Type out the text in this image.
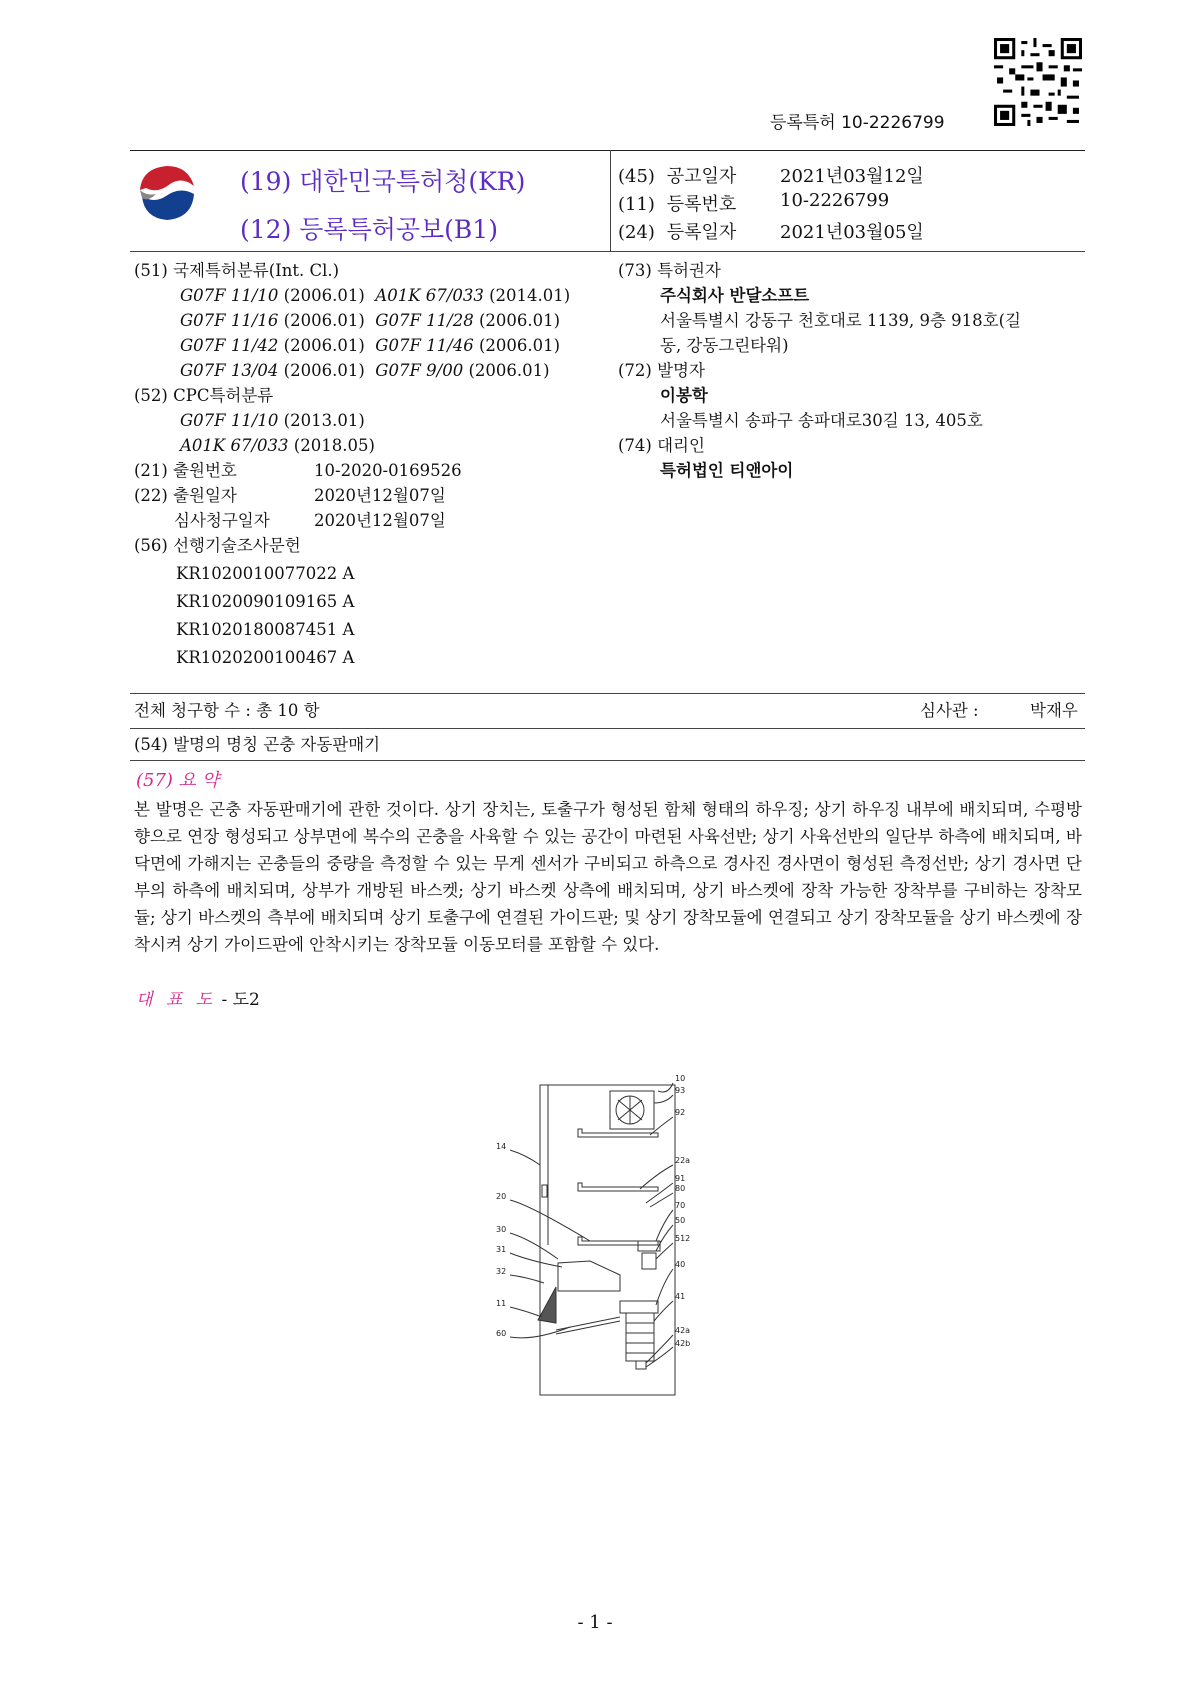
등록특허 10-2226799
(19) 대한민국특허청(KR)
(12) 등록특허공보(B1)
(45) 공고일자 2021년03월12일
(11) 등록번호 10-2226799
(24) 등록일자 2021년03월05일
(51) 국제특허분류(Int. Cl.)
G07F 11/10 (2006.01) A01K 67/033 (2014.01)
G07F 11/16 (2006.01) G07F 11/28 (2006.01)
G07F 11/42 (2006.01) G07F 11/46 (2006.01)
G07F 13/04 (2006.01) G07F 9/00 (2006.01)
(52) CPC특허분류
G07F 11/10 (2013.01)
A01K 67/033 (2018.05)
(21) 출원번호	10-2020-0169526
(22) 출원일자	2020년12월07일
심사청구일자	2020년12월07일
(56) 선행기술조사문헌
KR1020010077022 A
KR1020090109165 A
KR1020180087451 A
KR1020200100467 A
(73) 특허권자
주식회사 반달소프트
서울특별시 강동구 천호대로 1139, 9층 918호(길
동, 강동그린타워)
(72) 발명자
이봉학
서울특별시 송파구 송파대로30길 13, 405호
(74) 대리인
특허법인 티앤아이
전체 청구항 수 : 총 10 항	심사관 :	박재우
(54) 발명의 명칭 곤충 자동판매기
(57) 요 약
본 발명은 곤충 자동판매기에 관한 것이다. 상기 장치는, 토출구가 형성된 함체 형태의 하우징; 상기 하우징 내부에 배치되며, 수평방향으로 연장 형성되고 상부면에 복수의 곤충을 사육할 수 있는 공간이 마련된 사육선반; 상기 사육선반의 일단부 하측에 배치되며, 바닥면에 가해지는 곤충들의 중량을 측정할 수 있는 무게 센서가 구비되고 하측으로 경사진 경사면이 형성된 측정선반; 상기 경사면 단부의 하측에 배치되며, 상부가 개방된 바스켓; 상기 바스켓 상측에 배치되며, 상기 바스켓에 장착 가능한 장착부를 구비하는 장착모듈; 상기 바스켓의 측부에 배치되며 상기 토출구에 연결된 가이드판; 및 상기 장착모듈에 연결되고 상기 장착모듈을 상기 바스켓에 장착시켜 상기 가이드판에 안착시키는 장착모듈 이동모터를 포함할 수 있다.
대 표 도 - 도2
10
93
92
14
22a
91
80
20
70
50
30
512
31
32
40
41
11
42a
60
42b
- 1 -
